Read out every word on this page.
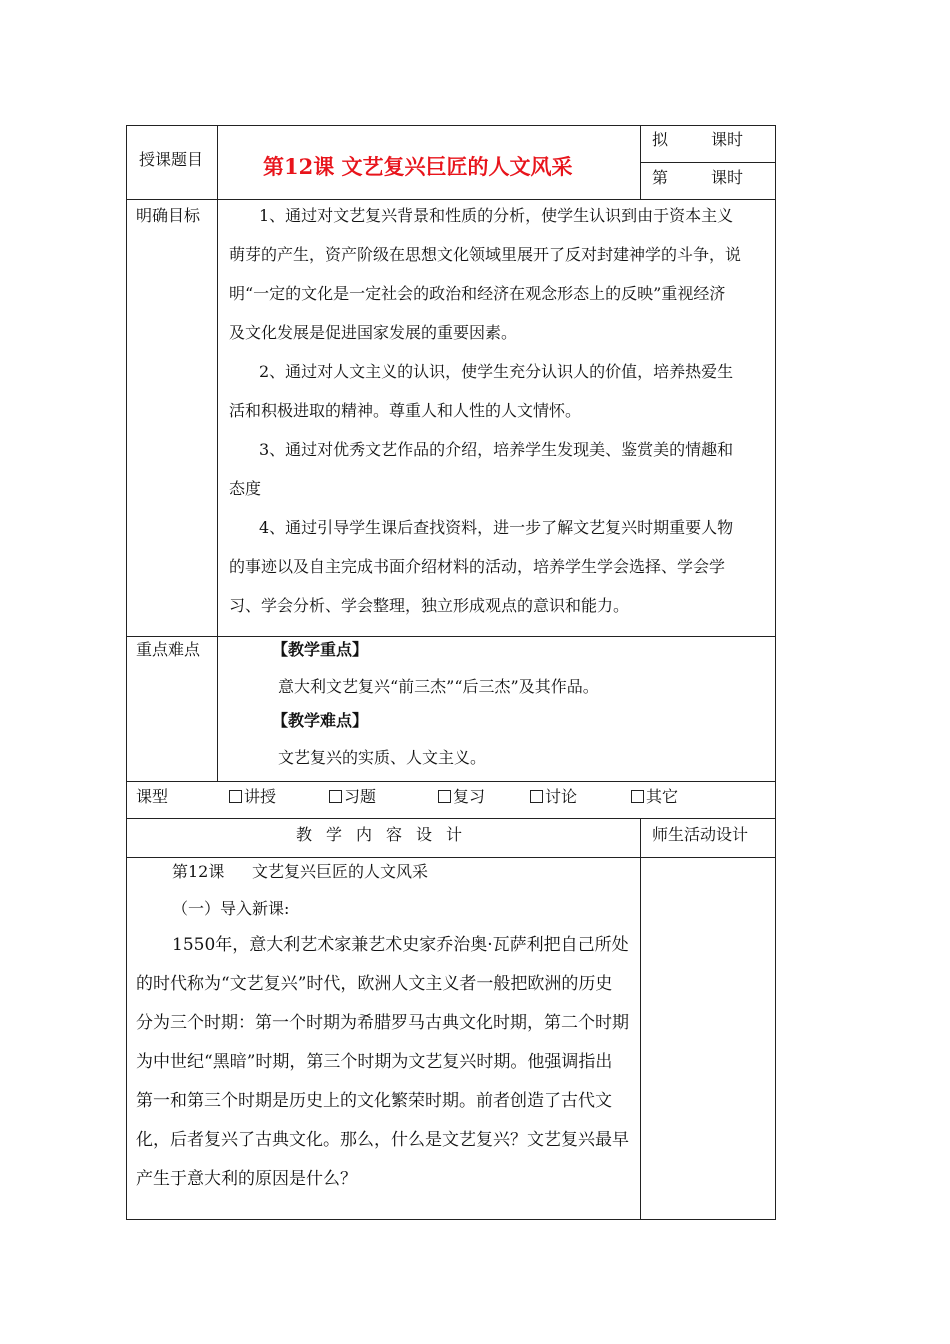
授课题目	第12课 文艺复兴巨匠的人文风采
拟	课时
第	课时
明确目标	1、通过对文艺复兴背景和性质的分析，使学生认识到由于资本主义
萌芽的产生，资产阶级在思想文化领域里展开了反对封建神学的斗争，说
明“一定的文化是一定社会的政治和经济在观念形态上的反映”重视经济
及文化发展是促进国家发展的重要因素。
2、通过对人文主义的认识，使学生充分认识人的价值，培养热爱生
活和积极进取的精神。尊重人和人性的人文情怀。
3、通过对优秀文艺作品的介绍，培养学生发现美、鉴赏美的情趣和
态度
4、通过引导学生课后查找资料，进一步了解文艺复兴时期重要人物
的事迹以及自主完成书面介绍材料的活动，培养学生学会选择、学会学
习、学会分析、学会整理，独立形成观点的意识和能力。
重点难点	【教学重点】
意大利文艺复兴“前三杰”“后三杰”及其作品。
【教学难点】
文艺复兴的实质、人文主义。
课型	讲授	习题	复习	讨论	其它
教学内容设计	师生活动设计
第12课 文艺复兴巨匠的人文风采
（一）导入新课:
1550年，意大利艺术家兼艺术史家乔治奥·瓦萨利把自己所处
的时代称为“文艺复兴”时代，欧洲人文主义者一般把欧洲的历史
分为三个时期：第一个时期为希腊罗马古典文化时期，第二个时期
为中世纪“黑暗”时期，第三个时期为文艺复兴时期。他强调指出
第一和第三个时期是历史上的文化繁荣时期。前者创造了古代文
化，后者复兴了古典文化。那么，什么是文艺复兴？文艺复兴最早
产生于意大利的原因是什么？
